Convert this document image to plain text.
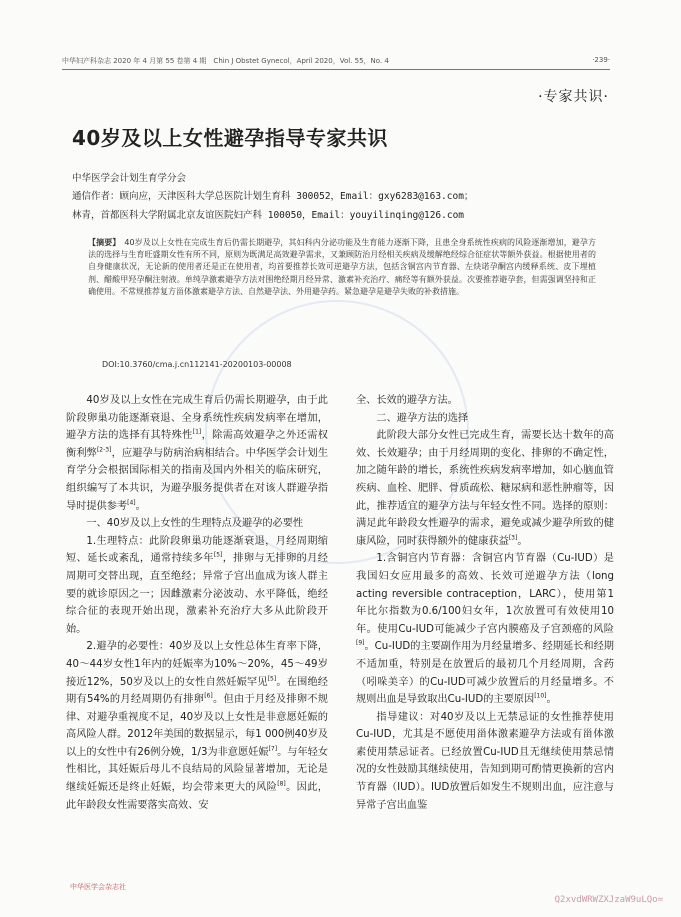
中华妇产科杂志 2020 年 4 月第 55 卷第 4 期　Chin J Obstet Gynecol，April 2020，Vol. 55，No. 4	·239·
·专家共识·
40岁及以上女性避孕指导专家共识
中华医学会计划生育学分会
通信作者：顾向应，天津医科大学总医院计划生育科 300052，Email：gxy6283@163.com；
林青，首都医科大学附属北京友谊医院妇产科 100050，Email：youyilinqing@126.com
【摘要】 40岁及以上女性在完成生育后仍需长期避孕，其妇科内分泌功能及生育能力逐渐下降，且患全身系统性疾病的风险逐渐增加，避孕方法的选择与生育旺盛期女性有所不同，原则为既满足高效避孕需求，又兼顾防治月经相关疾病及缓解绝经综合征症状等额外获益。根据使用者的自身健康状况，无论新的使用者还是正在使用者，均首要推荐长效可逆避孕方法，包括含铜宫内节育器、左炔诺孕酮宫内缓释系统、皮下埋植剂、醋酸甲羟孕酮注射液。单纯孕激素避孕方法对围绝经期月经异常、激素补充治疗、痛经等有额外获益。次要推荐避孕套，但需强调坚持和正确使用。不常规推荐复方甾体激素避孕方法、自然避孕法、外用避孕药。紧急避孕是避孕失败的补救措施。
DOI:10.3760/cma.j.cn112141-20200103-00008

40岁及以上女性在完成生育后仍需长期避孕，由于此阶段卵巢功能逐渐衰退、全身系统性疾病发病率在增加，避孕方法的选择有其特殊性[1]，除需高效避孕之外还需权衡利弊[2-3]，应避孕与防病治病相结合。中华医学会计划生育学分会根据国际相关的指南及国内外相关的临床研究，组织编写了本共识，为避孕服务提供者在对该人群避孕指导时提供参考[4]。

一、40岁及以上女性的生理特点及避孕的必要性

1.生理特点：此阶段卵巢功能逐渐衰退，月经周期缩短、延长或紊乱，通常持续多年[5]，排卵与无排卵的月经周期可交替出现，直至绝经；异常子宫出血成为该人群主要的就诊原因之一；因雌激素分泌波动、水平降低，绝经综合征的表现开始出现，激素补充治疗大多从此阶段开始。

2.避孕的必要性：40岁及以上女性总体生育率下降，40～44岁女性1年内的妊娠率为10%～20%，45～49岁接近12%，50岁及以上的女性自然妊娠罕见[5]。在围绝经期有54%的月经周期仍有排卵[6]。但由于月经及排卵不规律、对避孕重视度不足，40岁及以上女性是非意愿妊娠的高风险人群。2012年美国的数据显示，每1 000例40岁及以上的女性中有26例分娩，1/3为非意愿妊娠[7]。与年轻女性相比，其妊娠后母儿不良结局的风险显著增加，无论是继续妊娠还是终止妊娠，均会带来更大的风险[8]。因此，此年龄段女性需要落实高效、安

全、长效的避孕方法。

二、避孕方法的选择

此阶段大部分女性已完成生育，需要长达十数年的高效、长效避孕；由于月经周期的变化、排卵的不确定性，加之随年龄的增长，系统性疾病发病率增加，如心脑血管疾病、血栓、肥胖、骨质疏松、糖尿病和恶性肿瘤等，因此，推荐适宜的避孕方法与年轻女性不同。选择的原则：满足此年龄段女性避孕的需求，避免或减少避孕所致的健康风险，同时获得额外的健康获益[3]。

1.含铜宫内节育器：含铜宫内节育器（Cu-IUD）是我国妇女应用最多的高效、长效可逆避孕方法（long acting reversible contraception，LARC），使用第1年比尔指数为0.6/100妇女年，1次放置可有效使用10年。使用Cu-IUD可能减少子宫内膜癌及子宫颈癌的风险[9]。Cu-IUD的主要副作用为月经量增多、经期延长和经期不适加重，特别是在放置后的最初几个月经周期，含药（吲哚美辛）的Cu-IUD可减少放置后的月经量增多。不规则出血是导致取出Cu-IUD的主要原因[10]。

指导建议：对40岁及以上无禁忌证的女性推荐使用Cu-IUD，尤其是不愿使用甾体激素避孕方法或有甾体激素使用禁忌证者。已经放置Cu-IUD且无继续使用禁忌情况的女性鼓励其继续使用，告知到期可酌情更换新的宫内节育器（IUD）。IUD放置后如发生不规则出血，应注意与异常子宫出血鉴

中华医学会杂志社
Q2xvdWRWZXJzaW9uLQo=
